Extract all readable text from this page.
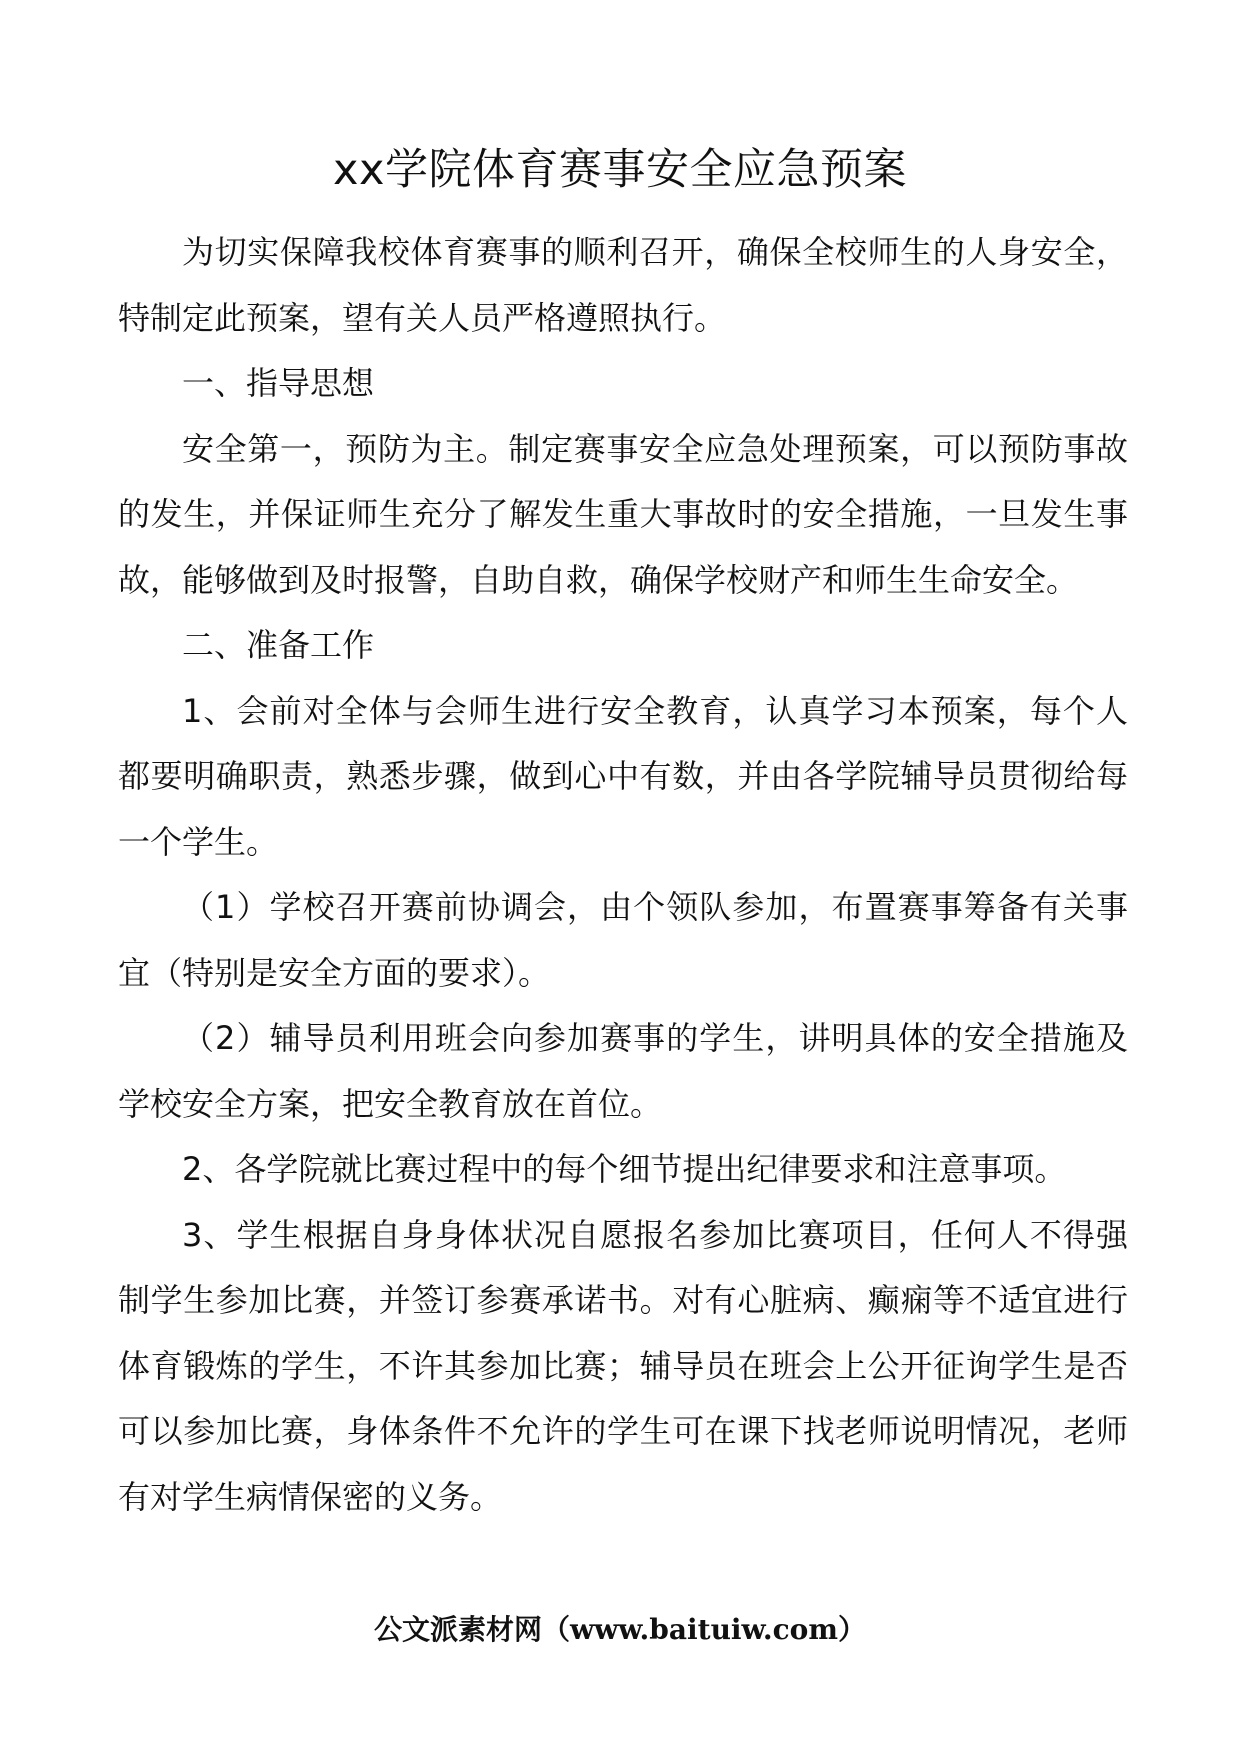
xx学院体育赛事安全应急预案

为切实保障我校体育赛事的顺利召开，确保全校师生的人身安全，特制定此预案，望有关人员严格遵照执行。

一、指导思想

安全第一，预防为主。制定赛事安全应急处理预案，可以预防事故的发生，并保证师生充分了解发生重大事故时的安全措施，一旦发生事故，能够做到及时报警，自助自救，确保学校财产和师生生命安全。

二、准备工作

1、会前对全体与会师生进行安全教育，认真学习本预案，每个人都要明确职责，熟悉步骤，做到心中有数，并由各学院辅导员贯彻给每一个学生。

（1）学校召开赛前协调会，由个领队参加，布置赛事筹备有关事宜（特别是安全方面的要求）。

（2）辅导员利用班会向参加赛事的学生，讲明具体的安全措施及学校安全方案，把安全教育放在首位。

2、各学院就比赛过程中的每个细节提出纪律要求和注意事项。

3、学生根据自身身体状况自愿报名参加比赛项目，任何人不得强制学生参加比赛，并签订参赛承诺书。对有心脏病、癫痫等不适宜进行体育锻炼的学生，不许其参加比赛；辅导员在班会上公开征询学生是否可以参加比赛，身体条件不允许的学生可在课下找老师说明情况，老师有对学生病情保密的义务。

公文派素材网（www.baituiw.com）
